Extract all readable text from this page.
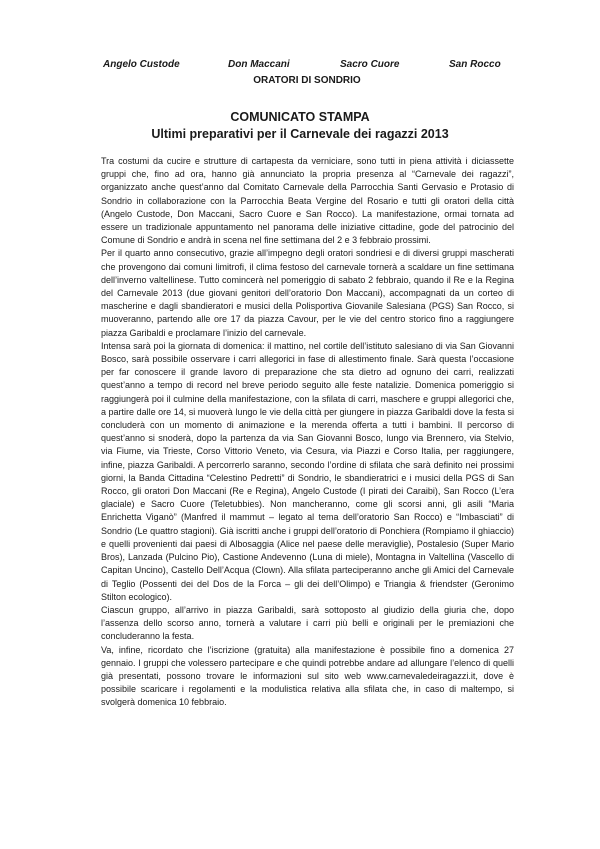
Angelo Custode	Don Maccani	Sacro Cuore	San Rocco

ORATORI DI SONDRIO

COMUNICATO STAMPA
Ultimi preparativi per il Carnevale dei ragazzi 2013

Tra costumi da cucire e strutture di cartapesta da verniciare, sono tutti in piena attività i diciassette gruppi che, fino ad ora, hanno già annunciato la propria presenza al “Carnevale dei ragazzi”, organizzato anche quest’anno dal Comitato Carnevale della Parrocchia Santi Gervasio e Protasio di Sondrio in collaborazione con la Parrocchia Beata Vergine del Rosario e tutti gli oratori della città (Angelo Custode, Don Maccani, Sacro Cuore e San Rocco). La manifestazione, ormai tornata ad essere un tradizionale appuntamento nel panorama delle iniziative cittadine, gode del patrocinio del Comune di Sondrio e andrà in scena nel fine settimana del 2 e 3 febbraio prossimi.

Per il quarto anno consecutivo, grazie all’impegno degli oratori sondriesi e di diversi gruppi mascherati che provengono dai comuni limitrofi, il clima festoso del carnevale tornerà a scaldare un fine settimana dell’inverno valtellinese. Tutto comincerà nel pomeriggio di sabato 2 febbraio, quando il Re e la Regina del Carnevale 2013 (due giovani genitori dell’oratorio Don Maccani), accompagnati da un corteo di mascherine e dagli sbandieratori e musici della Polisportiva Giovanile Salesiana (PGS) San Rocco, si muoveranno, partendo alle ore 17 da piazza Cavour, per le vie del centro storico fino a raggiungere piazza Garibaldi e proclamare l’inizio del carnevale.

Intensa sarà poi la giornata di domenica: il mattino, nel cortile dell’istituto salesiano di via San Giovanni Bosco, sarà possibile osservare i carri allegorici in fase di allestimento finale. Sarà questa l’occasione per far conoscere il grande lavoro di preparazione che sta dietro ad ognuno dei carri, realizzati quest’anno a tempo di record nel breve periodo seguito alle feste natalizie. Domenica pomeriggio si raggiungerà poi il culmine della manifestazione, con la sfilata di carri, maschere e gruppi allegorici che, a partire dalle ore 14, si muoverà lungo le vie della città per giungere in piazza Garibaldi dove la festa si concluderà con un momento di animazione e la merenda offerta a tutti i bambini. Il percorso di quest’anno si snoderà, dopo la partenza da via San Giovanni Bosco, lungo via Brennero, via Stelvio, via Fiume, via Trieste, Corso Vittorio Veneto, via Cesura, via Piazzi e Corso Italia, per raggiungere, infine, piazza Garibaldi. A percorrerlo saranno, secondo l’ordine di sfilata che sarà definito nei prossimi giorni, la Banda Cittadina “Celestino Pedretti” di Sondrio, le sbandieratrici e i musici della PGS di San Rocco, gli oratori Don Maccani (Re e Regina), Angelo Custode (I pirati dei Caraibi), San Rocco (L’era glaciale) e Sacro Cuore (Teletubbies). Non mancheranno, come gli scorsi anni, gli asili “Maria Enrichetta Viganò” (Manfred il mammut – legato al tema dell’oratorio San Rocco) e “Imbasciati” di Sondrio (Le quattro stagioni). Già iscritti anche i gruppi dell’oratorio di Ponchiera (Rompiamo il ghiaccio) e quelli provenienti dai paesi di Albosaggia (Alice nel paese delle meraviglie), Postalesio (Super Mario Bros), Lanzada (Pulcino Pio), Castione Andevenno (Luna di miele), Montagna in Valtellina (Vascello di Capitan Uncino), Castello Dell’Acqua (Clown). Alla sfilata parteciperanno anche gli Amici del Carnevale di Teglio (Possenti dei del Dos de la Forca – gli dei dell’Olimpo) e Triangia & friendster (Geronimo Stilton ecologico).

Ciascun gruppo, all’arrivo in piazza Garibaldi, sarà sottoposto al giudizio della giuria che, dopo l’assenza dello scorso anno, tornerà a valutare i carri più belli e originali per le premiazioni che concluderanno la festa.

Va, infine, ricordato che l’iscrizione (gratuita) alla manifestazione è possibile fino a domenica 27 gennaio. I gruppi che volessero partecipare e che quindi potrebbe andare ad allungare l’elenco di quelli già presentati, possono trovare le informazioni sul sito web www.carnevaledeiragazzi.it, dove è possibile scaricare i regolamenti e la modulistica relativa alla sfilata che, in caso di maltempo, si svolgerà domenica 10 febbraio.
